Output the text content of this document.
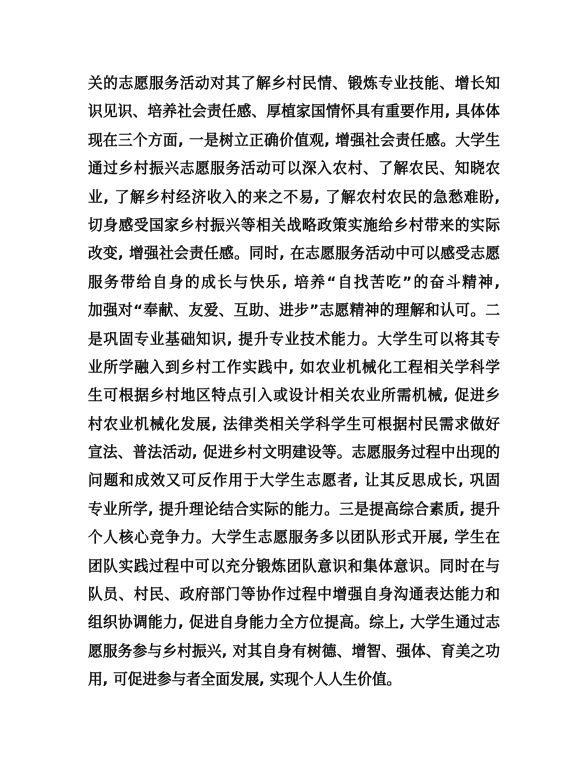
关的志愿服务活动对其了解乡村民情、锻炼专业技能、增长知
识见识、培养社会责任感、厚植家国情怀具有重要作用, 具体体
现在三个方面, 一是树立正确价值观, 增强社会责任感。大学生
通过乡村振兴志愿服务活动可以深入农村、了解农民、知晓农
业, 了解乡村经济收入的来之不易, 了解农村农民的急愁难盼,
切身感受国家乡村振兴等相关战略政策实施给乡村带来的实际
改变, 增强社会责任感。同时, 在志愿服务活动中可以感受志愿
服务带给自身的成长与快乐, 培养“自找苦吃”的奋斗精神,
加强对“奉献、友爱、互助、进步”志愿精神的理解和认可。二
是巩固专业基础知识, 提升专业技术能力。大学生可以将其专
业所学融入到乡村工作实践中, 如农业机械化工程相关学科学
生可根据乡村地区特点引入或设计相关农业所需机械, 促进乡
村农业机械化发展, 法律类相关学科学生可根据村民需求做好
宣法、普法活动, 促进乡村文明建设等。志愿服务过程中出现的
问题和成效又可反作用于大学生志愿者, 让其反思成长, 巩固
专业所学, 提升理论结合实际的能力。三是提高综合素质, 提升
个人核心竞争力。大学生志愿服务多以团队形式开展, 学生在
团队实践过程中可以充分锻炼团队意识和集体意识。同时在与
队员、村民、政府部门等协作过程中增强自身沟通表达能力和
组织协调能力, 促进自身能力全方位提高。综上, 大学生通过志
愿服务参与乡村振兴, 对其自身有树德、增智、强体、育美之功
用, 可促进参与者全面发展, 实现个人人生价值。
